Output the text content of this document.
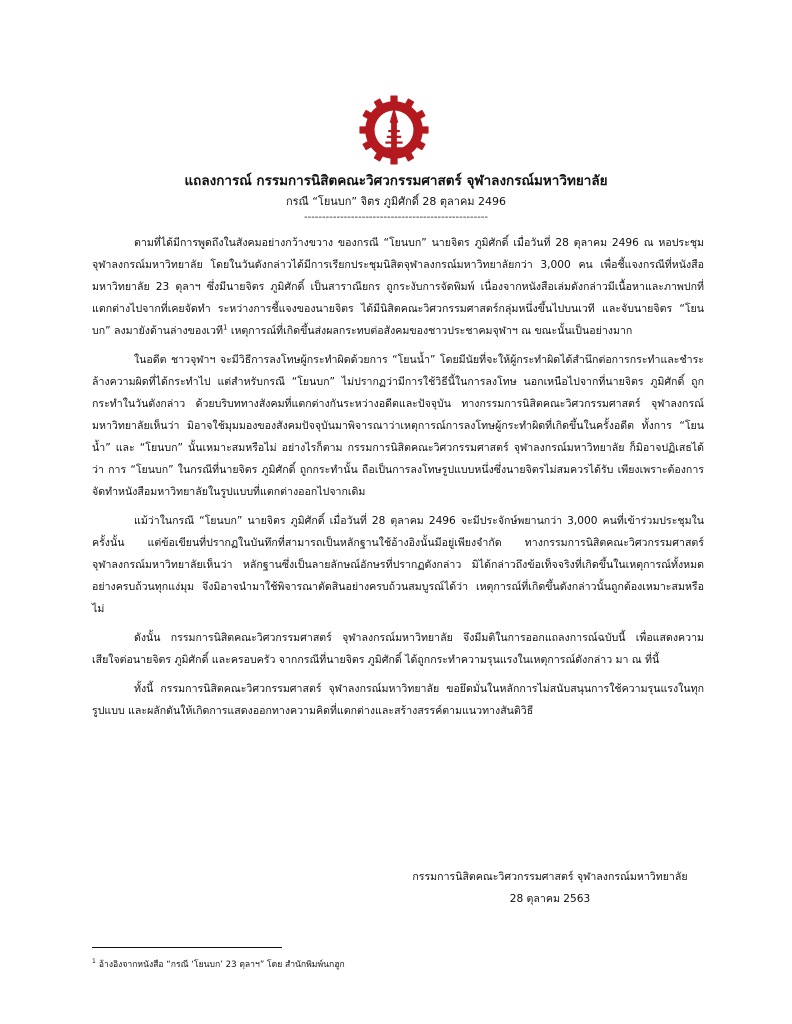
แถลงการณ์ กรรมการนิสิตคณะวิศวกรรมศาสตร์ จุฬาลงกรณ์มหาวิทยาลัย
กรณี “โยนบก” จิตร ภูมิศักดิ์ 28 ตุลาคม 2496
---------------------------------------------------

ตามที่ได้มีการพูดถึงในสังคมอย่างกว้างขวาง ของกรณี “โยนบก” นายจิตร ภูมิศักดิ์ เมื่อวันที่ 28 ตุลาคม 2496 ณ หอประชุมจุฬาลงกรณ์มหาวิทยาลัย โดยในวันดังกล่าวได้มีการเรียกประชุมนิสิตจุฬาลงกรณ์มหาวิทยาลัยกว่า 3,000 คน เพื่อชี้แจงกรณีที่หนังสือมหาวิทยาลัย 23 ตุลาฯ ซึ่งมีนายจิตร ภูมิศักดิ์ เป็นสาราณียกร ถูกระงับการจัดพิมพ์ เนื่องจากหนังสือเล่มดังกล่าวมีเนื้อหาและภาพปกที่แตกต่างไปจากที่เคยจัดทำ ระหว่างการชี้แจงของนายจิตร ได้มีนิสิตคณะวิศวกรรมศาสตร์กลุ่มหนึ่งขึ้นไปบนเวที และจับนายจิตร “โยนบก” ลงมายังด้านล่างของเวที$^1$ เหตุการณ์ที่เกิดขึ้นส่งผลกระทบต่อสังคมของชาวประชาคมจุฬาฯ ณ ขณะนั้นเป็นอย่างมาก

ในอดีต ชาวจุฬาฯ จะมีวิธีการลงโทษผู้กระทำผิดด้วยการ “โยนน้ำ” โดยมีนัยที่จะให้ผู้กระทำผิดได้สำนึกต่อการกระทำและชำระล้างความผิดที่ได้กระทำไป แต่สำหรับกรณี “โยนบก” ไม่ปรากฏว่ามีการใช้วิธีนี้ในการลงโทษ นอกเหนือไปจากที่นายจิตร ภูมิศักดิ์ ถูกกระทำในวันดังกล่าว ด้วยบริบททางสังคมที่แตกต่างกันระหว่างอดีตและปัจจุบัน ทางกรรมการนิสิตคณะวิศวกรรมศาสตร์ จุฬาลงกรณ์มหาวิทยาลัยเห็นว่า มิอาจใช้มุมมองของสังคมปัจจุบันมาพิจารณาว่าเหตุการณ์การลงโทษผู้กระทำผิดที่เกิดขึ้นในครั้งอดีต ทั้งการ “โยนน้ำ” และ “โยนบก” นั้นเหมาะสมหรือไม่ อย่างไรก็ตาม กรรมการนิสิตคณะวิศวกรรมศาสตร์ จุฬาลงกรณ์มหาวิทยาลัย ก็มิอาจปฏิเสธได้ว่า การ “โยนบก” ในกรณีที่นายจิตร ภูมิศักดิ์ ถูกกระทำนั้น ถือเป็นการลงโทษรูปแบบหนึ่งซึ่งนายจิตรไม่สมควรได้รับ เพียงเพราะต้องการจัดทำหนังสือมหาวิทยาลัยในรูปแบบที่แตกต่างออกไปจากเดิม

แม้ว่าในกรณี “โยนบก” นายจิตร ภูมิศักดิ์ เมื่อวันที่ 28 ตุลาคม 2496 จะมีประจักษ์พยานกว่า 3,000 คนที่เข้าร่วมประชุมในครั้งนั้น แต่ข้อเขียนที่ปรากฏในบันทึกที่สามารถเป็นหลักฐานใช้อ้างอิงนั้นมีอยู่เพียงจำกัด ทางกรรมการนิสิตคณะวิศวกรรมศาสตร์ จุฬาลงกรณ์มหาวิทยาลัยเห็นว่า หลักฐานซึ่งเป็นลายลักษณ์อักษรที่ปรากฏดังกล่าว มิได้กล่าวถึงข้อเท็จจริงที่เกิดขึ้นในเหตุการณ์ทั้งหมดอย่างครบถ้วนทุกแง่มุม จึงมิอาจนำมาใช้พิจารณาตัดสินอย่างครบถ้วนสมบูรณ์ได้ว่า เหตุการณ์ที่เกิดขึ้นดังกล่าวนั้นถูกต้องเหมาะสมหรือไม่

ดังนั้น กรรมการนิสิตคณะวิศวกรรมศาสตร์ จุฬาลงกรณ์มหาวิทยาลัย จึงมีมติในการออกแถลงการณ์ฉบับนี้ เพื่อแสดงความเสียใจต่อนายจิตร ภูมิศักดิ์ และครอบครัว จากกรณีที่นายจิตร ภูมิศักดิ์ ได้ถูกกระทำความรุนแรงในเหตุการณ์ดังกล่าว มา ณ ที่นี้

ทั้งนี้ กรรมการนิสิตคณะวิศวกรรมศาสตร์ จุฬาลงกรณ์มหาวิทยาลัย ขอยึดมั่นในหลักการไม่สนับสนุนการใช้ความรุนแรงในทุกรูปแบบ และผลักดันให้เกิดการแสดงออกทางความคิดที่แตกต่างและสร้างสรรค์ตามแนวทางสันติวิธี

กรรมการนิสิตคณะวิศวกรรมศาสตร์ จุฬาลงกรณ์มหาวิทยาลัย
28 ตุลาคม 2563
$^1$ อ้างอิงจากหนังสือ “กรณี ‘โยนบก’ 23 ตุลาฯ” โดย สำนักพิมพ์นกฮูก
